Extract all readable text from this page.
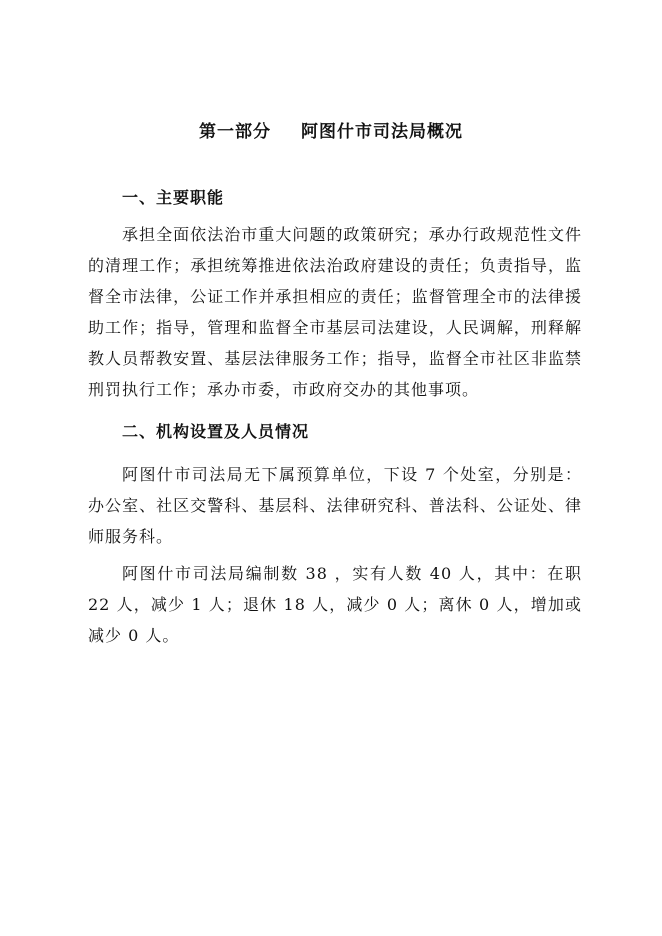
第一部分 阿图什市司法局概况
一、主要职能

承担全面依法治市重大问题的政策研究；承办行政规范性文件的清理工作；承担统筹推进依法治政府建设的责任；负责指导，监督全市法律，公证工作并承担相应的责任；监督管理全市的法律援助工作；指导，管理和监督全市基层司法建设，人民调解，刑释解教人员帮教安置、基层法律服务工作；指导，监督全市社区非监禁刑罚执行工作；承办市委，市政府交办的其他事项。

二、机构设置及人员情况

阿图什市司法局无下属预算单位，下设 7 个处室，分别是：办公室、社区交警科、基层科、法律研究科、普法科、公证处、律师服务科。

阿图什市司法局编制数 38 ，实有人数 40 人，其中：在职 22 人，减少 1 人；退休 18 人，减少 0 人；离休 0 人，增加或减少 0 人。
